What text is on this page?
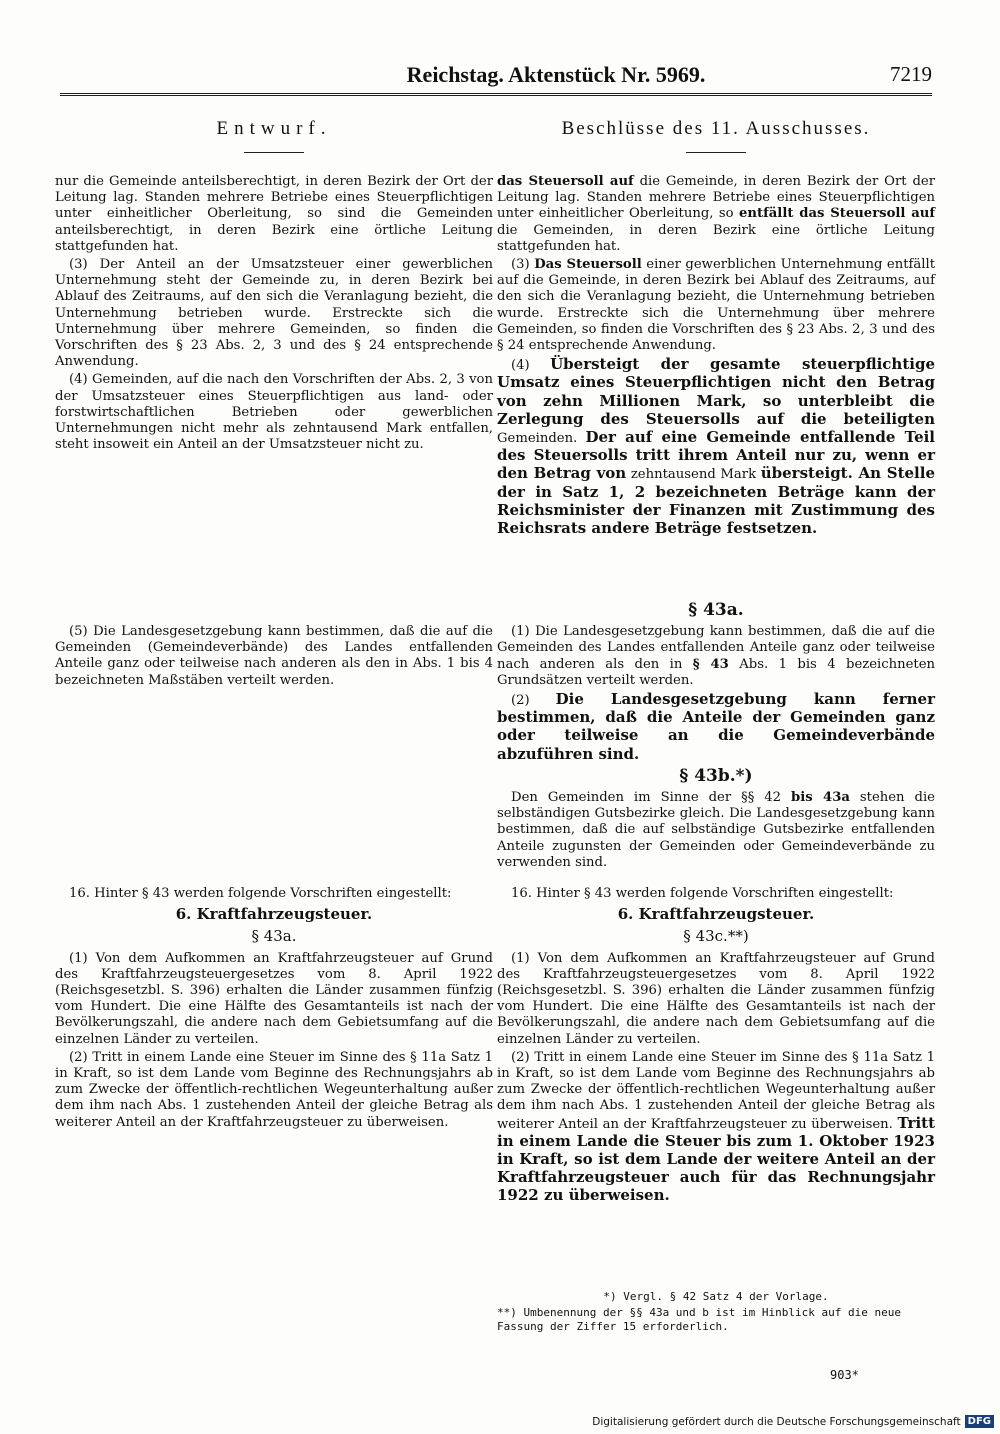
Reichstag. Aktenstück Nr. 5969.	7219
Entwurf.

nur die Gemeinde anteilsberechtigt, in deren Bezirk der Ort der Leitung lag. Standen mehrere Betriebe eines Steuerpflichtigen unter einheitlicher Oberleitung, so sind die Gemeinden anteilsberechtigt, in deren Bezirk eine örtliche Leitung stattgefunden hat.

(3) Der Anteil an der Umsatzsteuer einer gewerblichen Unternehmung steht der Gemeinde zu, in deren Bezirk bei Ablauf des Zeitraums, auf den sich die Veranlagung bezieht, die Unternehmung betrieben wurde. Erstreckte sich die Unternehmung über mehrere Gemeinden, so finden die Vorschriften des § 23 Abs. 2, 3 und des § 24 entsprechende Anwendung.

(4) Gemeinden, auf die nach den Vorschriften der Abs. 2, 3 von der Umsatzsteuer eines Steuerpflichtigen aus land- oder forstwirtschaftlichen Betrieben oder gewerblichen Unternehmungen nicht mehr als zehntausend Mark entfallen, steht insoweit ein Anteil an der Umsatzsteuer nicht zu.

(5) Die Landesgesetzgebung kann bestimmen, daß die auf die Gemeinden (Gemeindeverbände) des Landes entfallenden Anteile ganz oder teilweise nach anderen als den in Abs. 1 bis 4 bezeichneten Maßstäben verteilt werden.

16. Hinter § 43 werden folgende Vorschriften eingestellt:

6. Kraftfahrzeugsteuer.
§ 43a.

(1) Von dem Aufkommen an Kraftfahrzeugsteuer auf Grund des Kraftfahrzeugsteuergesetzes vom 8. April 1922 (Reichsgesetzbl. S. 396) erhalten die Länder zusammen fünfzig vom Hundert. Die eine Hälfte des Gesamtanteils ist nach der Bevölkerungszahl, die andere nach dem Gebietsumfang auf die einzelnen Länder zu verteilen.

(2) Tritt in einem Lande eine Steuer im Sinne des § 11a Satz 1 in Kraft, so ist dem Lande vom Beginne des Rechnungsjahrs ab zum Zwecke der öffentlich-rechtlichen Wegeunterhaltung außer dem ihm nach Abs. 1 zustehenden Anteil der gleiche Betrag als weiterer Anteil an der Kraftfahrzeugsteuer zu überweisen.

Beschlüsse des 11. Ausschusses.

das Steuersoll auf die Gemeinde, in deren Bezirk der Ort der Leitung lag. Standen mehrere Betriebe eines Steuerpflichtigen unter einheitlicher Oberleitung, so entfällt das Steuersoll auf die Gemeinden, in deren Bezirk eine örtliche Leitung stattgefunden hat.

(3) Das Steuersoll einer gewerblichen Unternehmung entfällt auf die Gemeinde, in deren Bezirk bei Ablauf des Zeitraums, auf den sich die Veranlagung bezieht, die Unternehmung betrieben wurde. Erstreckte sich die Unternehmung über mehrere Gemeinden, so finden die Vorschriften des § 23 Abs. 2, 3 und des § 24 entsprechende Anwendung.

(4) Übersteigt der gesamte steuerpflichtige Umsatz eines Steuerpflichtigen nicht den Betrag von zehn Millionen Mark, so unterbleibt die Zerlegung des Steuersolls auf die beteiligten Gemeinden. Der auf eine Gemeinde entfallende Teil des Steuersolls tritt ihrem Anteil nur zu, wenn er den Betrag von zehntausend Mark übersteigt. An Stelle der in Satz 1, 2 bezeichneten Beträge kann der Reichsminister der Finanzen mit Zustimmung des Reichsrats andere Beträge festsetzen.

§ 43a.

(1) Die Landesgesetzgebung kann bestimmen, daß die auf die Gemeinden des Landes entfallenden Anteile ganz oder teilweise nach anderen als den in § 43 Abs. 1 bis 4 bezeichneten Grundsätzen verteilt werden.

(2) Die Landesgesetzgebung kann ferner bestimmen, daß die Anteile der Gemeinden ganz oder teilweise an die Gemeindeverbände abzuführen sind.

§ 43b.*)

Den Gemeinden im Sinne der §§ 42 bis 43a stehen die selbständigen Gutsbezirke gleich. Die Landesgesetzgebung kann bestimmen, daß die auf selbständige Gutsbezirke entfallenden Anteile zugunsten der Gemeinden oder Gemeindeverbände zu verwenden sind.

16. Hinter § 43 werden folgende Vorschriften eingestellt:

6. Kraftfahrzeugsteuer.
§ 43c.**)

(1) Von dem Aufkommen an Kraftfahrzeugsteuer auf Grund des Kraftfahrzeugsteuergesetzes vom 8. April 1922 (Reichsgesetzbl. S. 396) erhalten die Länder zusammen fünfzig vom Hundert. Die eine Hälfte des Gesamtanteils ist nach der Bevölkerungszahl, die andere nach dem Gebietsumfang auf die einzelnen Länder zu verteilen.

(2) Tritt in einem Lande eine Steuer im Sinne des § 11a Satz 1 in Kraft, so ist dem Lande vom Beginne des Rechnungsjahrs ab zum Zwecke der öffentlich-rechtlichen Wegeunterhaltung außer dem ihm nach Abs. 1 zustehenden Anteil der gleiche Betrag als weiterer Anteil an der Kraftfahrzeugsteuer zu überweisen. Tritt in einem Lande die Steuer bis zum 1. Oktober 1923 in Kraft, so ist dem Lande der weitere Anteil an der Kraftfahrzeugsteuer auch für das Rechnungsjahr 1922 zu überweisen.

*) Vergl. § 42 Satz 4 der Vorlage.

**) Umbenennung der §§ 43a und b ist im Hinblick auf die neue Fassung der Ziffer 15 erforderlich.

903*
Digitalisierung gefördert durch die Deutsche Forschungsgemeinschaft DFG
